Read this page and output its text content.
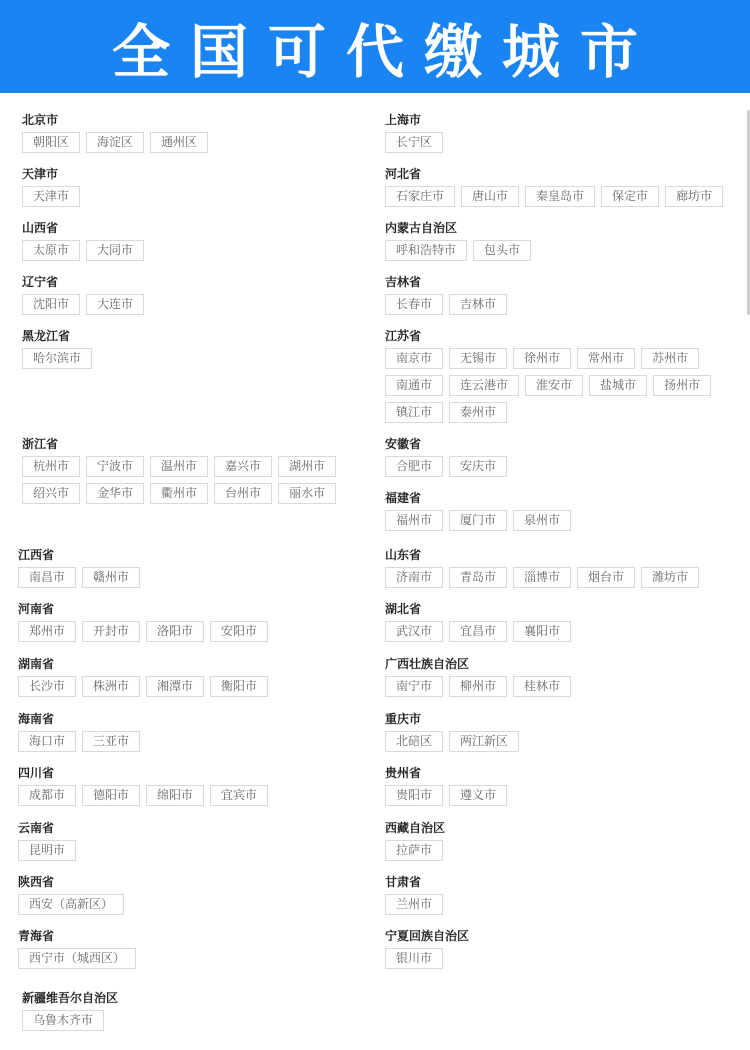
全国可代缴城市
北京市
朝阳区	海淀区	通州区
上海市
长宁区
天津市
天津市
河北省
石家庄市	唐山市	秦皇岛市	保定市	廊坊市
山西省
太原市	大同市
内蒙古自治区
呼和浩特市	包头市
辽宁省
沈阳市	大连市
吉林省
长春市	吉林市
黑龙江省
哈尔滨市
江苏省
南京市	无锡市	徐州市	常州市	苏州市
南通市	连云港市	淮安市	盐城市	扬州市
镇江市	泰州市
浙江省
杭州市	宁波市	温州市	嘉兴市	湖州市
绍兴市	金华市	衢州市	台州市	丽水市
安徽省
合肥市	安庆市
福建省
福州市	厦门市	泉州市
江西省
南昌市	赣州市
山东省
济南市	青岛市	淄博市	烟台市	潍坊市
河南省
郑州市	开封市	洛阳市	安阳市
湖北省
武汉市	宜昌市	襄阳市
湖南省
长沙市	株洲市	湘潭市	衡阳市
广西壮族自治区
南宁市	柳州市	桂林市
海南省
海口市	三亚市
重庆市
北碚区	两江新区
四川省
成都市	德阳市	绵阳市	宜宾市
贵州省
贵阳市	遵义市
云南省
昆明市
西藏自治区
拉萨市
陕西省
西安（高新区）
甘肃省
兰州市
青海省
西宁市（城西区）
宁夏回族自治区
银川市
新疆维吾尔自治区
乌鲁木齐市
